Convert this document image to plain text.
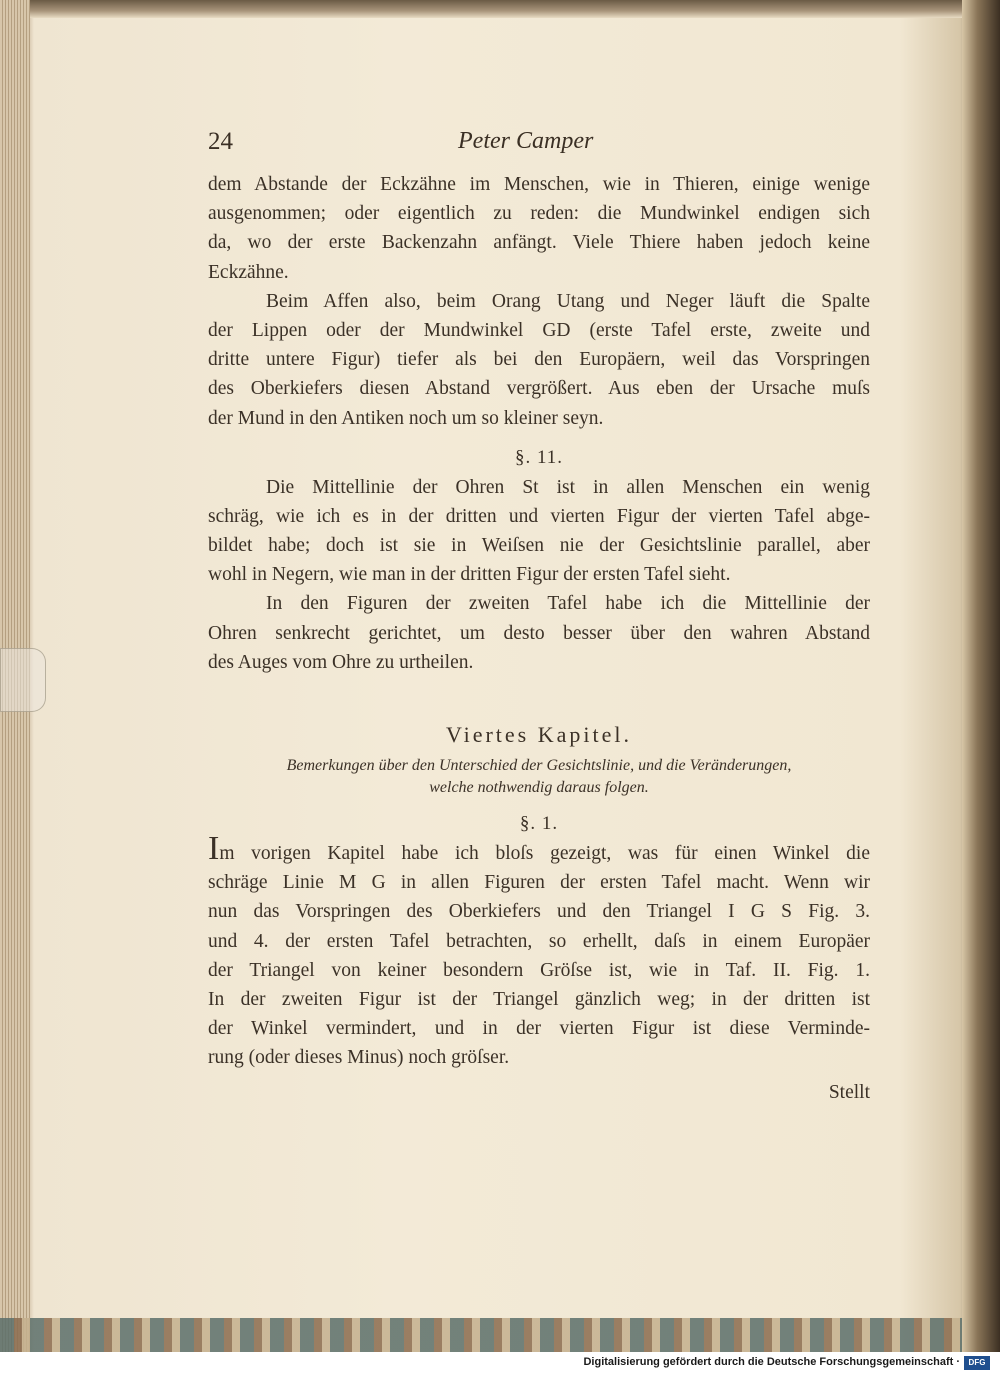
24	Peter Camper
dem Abstande der Eckzähne im Menschen, wie in Thieren, einige wenige
ausgenommen; oder eigentlich zu reden: die Mundwinkel endigen sich
da, wo der erste Backenzahn anfängt. Viele Thiere haben jedoch keine
Eckzähne.
Beim Affen also, beim Orang Utang und Neger läuft die Spalte
der Lippen oder der Mundwinkel GD (erste Tafel erste, zweite und
dritte untere Figur) tiefer als bei den Europäern, weil das Vorspringen
des Oberkiefers diesen Abstand vergrößert. Aus eben der Ursache muſs
der Mund in den Antiken noch um so kleiner seyn.
§. 11.
Die Mittellinie der Ohren St ist in allen Menschen ein wenig
schräg, wie ich es in der dritten und vierten Figur der vierten Tafel abge-
bildet habe; doch ist sie in Weiſsen nie der Gesichtslinie parallel, aber
wohl in Negern, wie man in der dritten Figur der ersten Tafel sieht.
In den Figuren der zweiten Tafel habe ich die Mittellinie der
Ohren senkrecht gerichtet, um desto besser über den wahren Abstand
des Auges vom Ohre zu urtheilen.
Viertes Kapitel.
Bemerkungen über den Unterschied der Gesichtslinie, und die Veränderungen,
welche nothwendig daraus folgen.
§. 1.
Im vorigen Kapitel habe ich bloſs gezeigt, was für einen Winkel die
schräge Linie M G in allen Figuren der ersten Tafel macht. Wenn wir
nun das Vorspringen des Oberkiefers und den Triangel I G S Fig. 3.
und 4. der ersten Tafel betrachten, so erhellt, daſs in einem Europäer
der Triangel von keiner besondern Gröſse ist, wie in Taf. II. Fig. 1.
In der zweiten Figur ist der Triangel gänzlich weg; in der dritten ist
der Winkel vermindert, und in der vierten Figur ist diese Verminde-
rung (oder dieses Minus) noch gröſser.
Stellt
Digitalisierung gefördert durch die Deutsche Forschungsgemeinschaft ·	DFG
